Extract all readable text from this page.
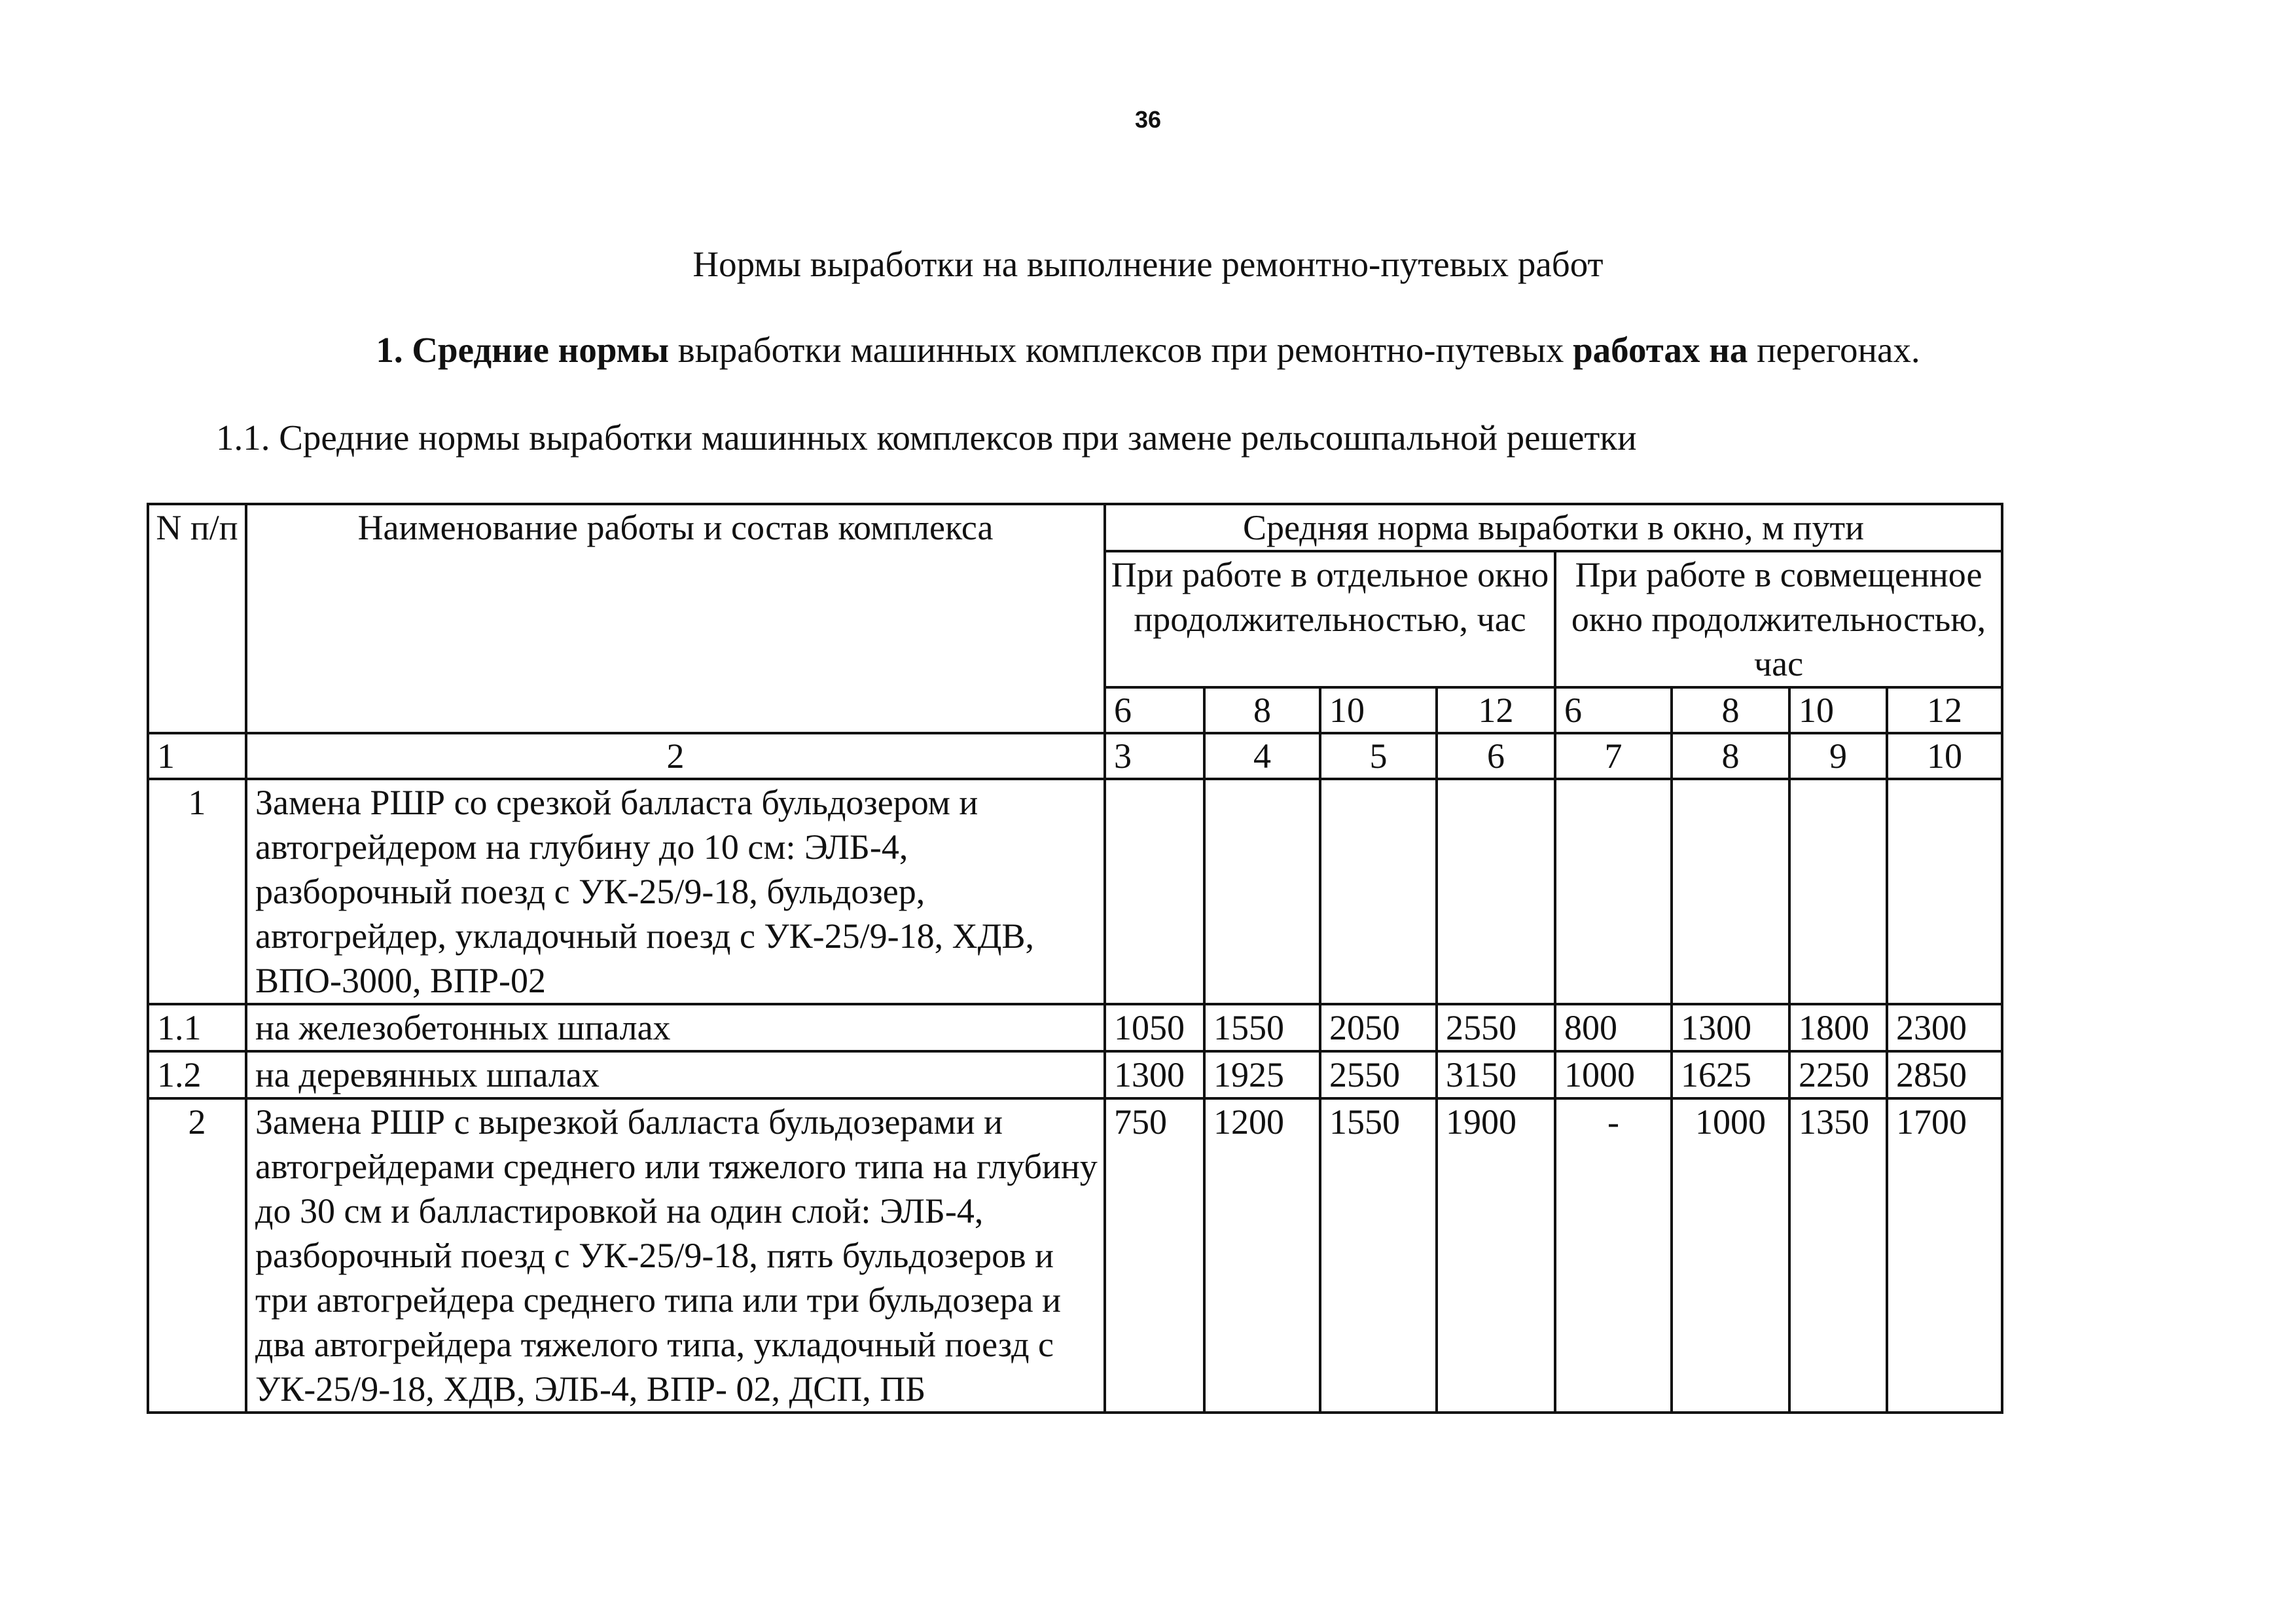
36
Нормы выработки на выполнение ремонтно-путевых работ
1. Средние нормы выработки машинных комплексов при ремонтно-путевых работах на перегонах.
1.1. Средние нормы выработки машинных комплексов при замене рельсошпальной решетки
N п/п	Наименование работы и состав комплекса	Средняя норма выработки в окно, м пути							
		При работе в отдельное окно продолжительностью, час				При работе в совмещенное окно продолжительностью, час			
		6	8	10	12	6	8	10	12
1	2	3	4	5	6	7	8	9	10
1	Замена РШР со срезкой балласта бульдозером и автогрейдером на глубину до 10 см: ЭЛБ-4, разборочный поезд с УК-25/9-18, бульдозер, автогрейдер, укладочный поезд с УК-25/9-18, ХДВ, ВПО-3000, ВПР-02								
1.1	на железобетонных шпалах	1050	1550	2050	2550	800	1300	1800	2300
1.2	на деревянных шпалах	1300	1925	2550	3150	1000	1625	2250	2850
2	Замена РШР с вырезкой балласта бульдозерами и автогрейдерами среднего или тяжелого типа на глубину до 30 см и балластировкой на один слой: ЭЛБ-4, разборочный поезд с УК-25/9-18, пять бульдозеров и три автогрейдера среднего типа или три бульдозера и два автогрейдера тяжелого типа, укладочный поезд с УК-25/9-18, ХДВ, ЭЛБ-4, ВПР- 02, ДСП, ПБ	750	1200	1550	1900	-	1000	1350	1700
